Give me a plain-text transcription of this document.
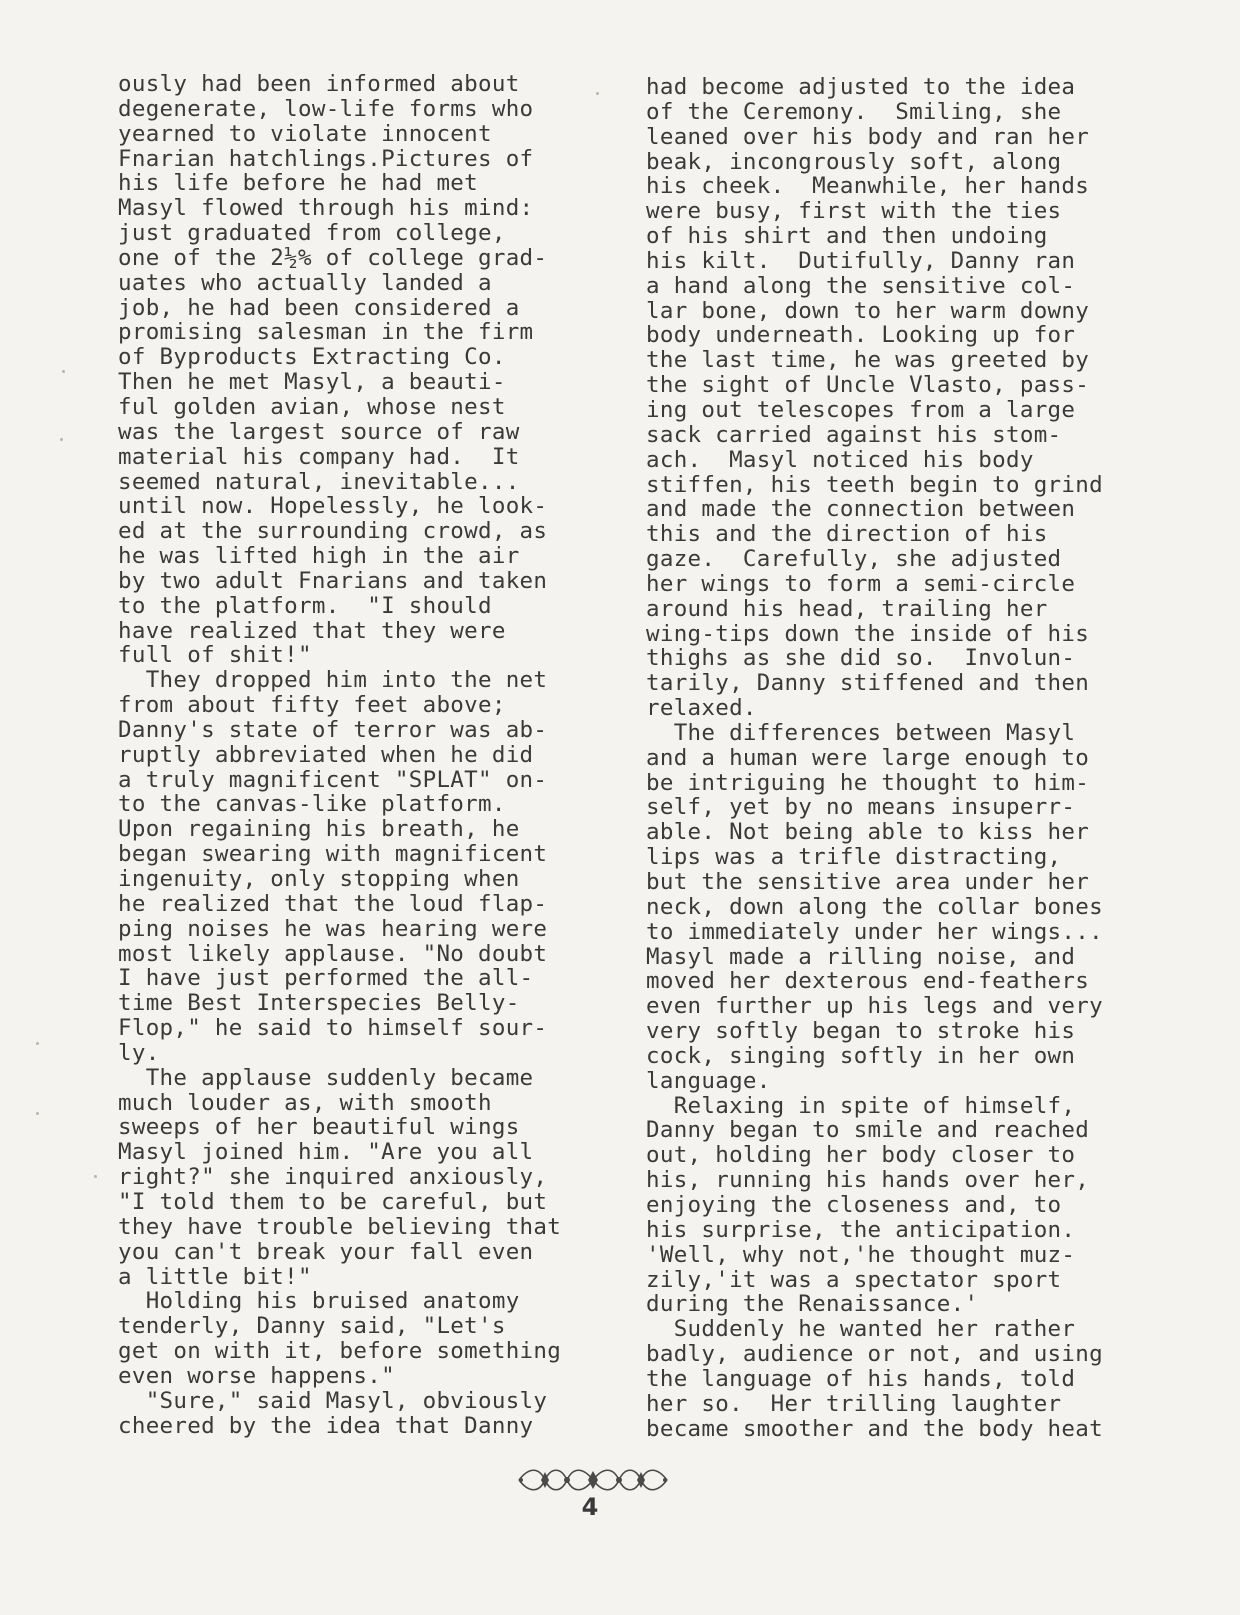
ously had been informed about
degenerate, low-life forms who
yearned to violate innocent
Fnarian hatchlings.Pictures of
his life before he had met
Masyl flowed through his mind:
just graduated from college,
one of the 2½% of college grad-
uates who actually landed a
job, he had been considered a
promising salesman in the firm
of Byproducts Extracting Co.
Then he met Masyl, a beauti-
ful golden avian, whose nest
was the largest source of raw
material his company had.  It
seemed natural, inevitable...
until now. Hopelessly, he look-
ed at the surrounding crowd, as
he was lifted high in the air
by two adult Fnarians and taken
to the platform.  "I should
have realized that they were
full of shit!"
They dropped him into the net
from about fifty feet above;
Danny's state of terror was ab-
ruptly abbreviated when he did
a truly magnificent "SPLAT" on-
to the canvas-like platform.
Upon regaining his breath, he
began swearing with magnificent
ingenuity, only stopping when
he realized that the loud flap-
ping noises he was hearing were
most likely applause. "No doubt
I have just performed the all-
time Best Interspecies Belly-
Flop," he said to himself sour-
ly.
The applause suddenly became
much louder as, with smooth
sweeps of her beautiful wings
Masyl joined him. "Are you all
right?" she inquired anxiously,
"I told them to be careful, but
they have trouble believing that
you can't break your fall even
a little bit!"
Holding his bruised anatomy
tenderly, Danny said, "Let's
get on with it, before something
even worse happens."
"Sure," said Masyl, obviously
cheered by the idea that Danny
had become adjusted to the idea
of the Ceremony.  Smiling, she
leaned over his body and ran her
beak, incongrously soft, along
his cheek.  Meanwhile, her hands
were busy, first with the ties
of his shirt and then undoing
his kilt.  Dutifully, Danny ran
a hand along the sensitive col-
lar bone, down to her warm downy
body underneath. Looking up for
the last time, he was greeted by
the sight of Uncle Vlasto, pass-
ing out telescopes from a large
sack carried against his stom-
ach.  Masyl noticed his body
stiffen, his teeth begin to grind
and made the connection between
this and the direction of his
gaze.  Carefully, she adjusted
her wings to form a semi-circle
around his head, trailing her
wing-tips down the inside of his
thighs as she did so.  Involun-
tarily, Danny stiffened and then
relaxed.
The differences between Masyl
and a human were large enough to
be intriguing he thought to him-
self, yet by no means insuperr-
able. Not being able to kiss her
lips was a trifle distracting,
but the sensitive area under her
neck, down along the collar bones
to immediately under her wings...
Masyl made a rilling noise, and
moved her dexterous end-feathers
even further up his legs and very
very softly began to stroke his
cock, singing softly in her own
language.
Relaxing in spite of himself,
Danny began to smile and reached
out, holding her body closer to
his, running his hands over her,
enjoying the closeness and, to
his surprise, the anticipation.
'Well, why not,'he thought muz-
zily,'it was a spectator sport
during the Renaissance.'
Suddenly he wanted her rather
badly, audience or not, and using
the language of his hands, told
her so.  Her trilling laughter
became smoother and the body heat
4
